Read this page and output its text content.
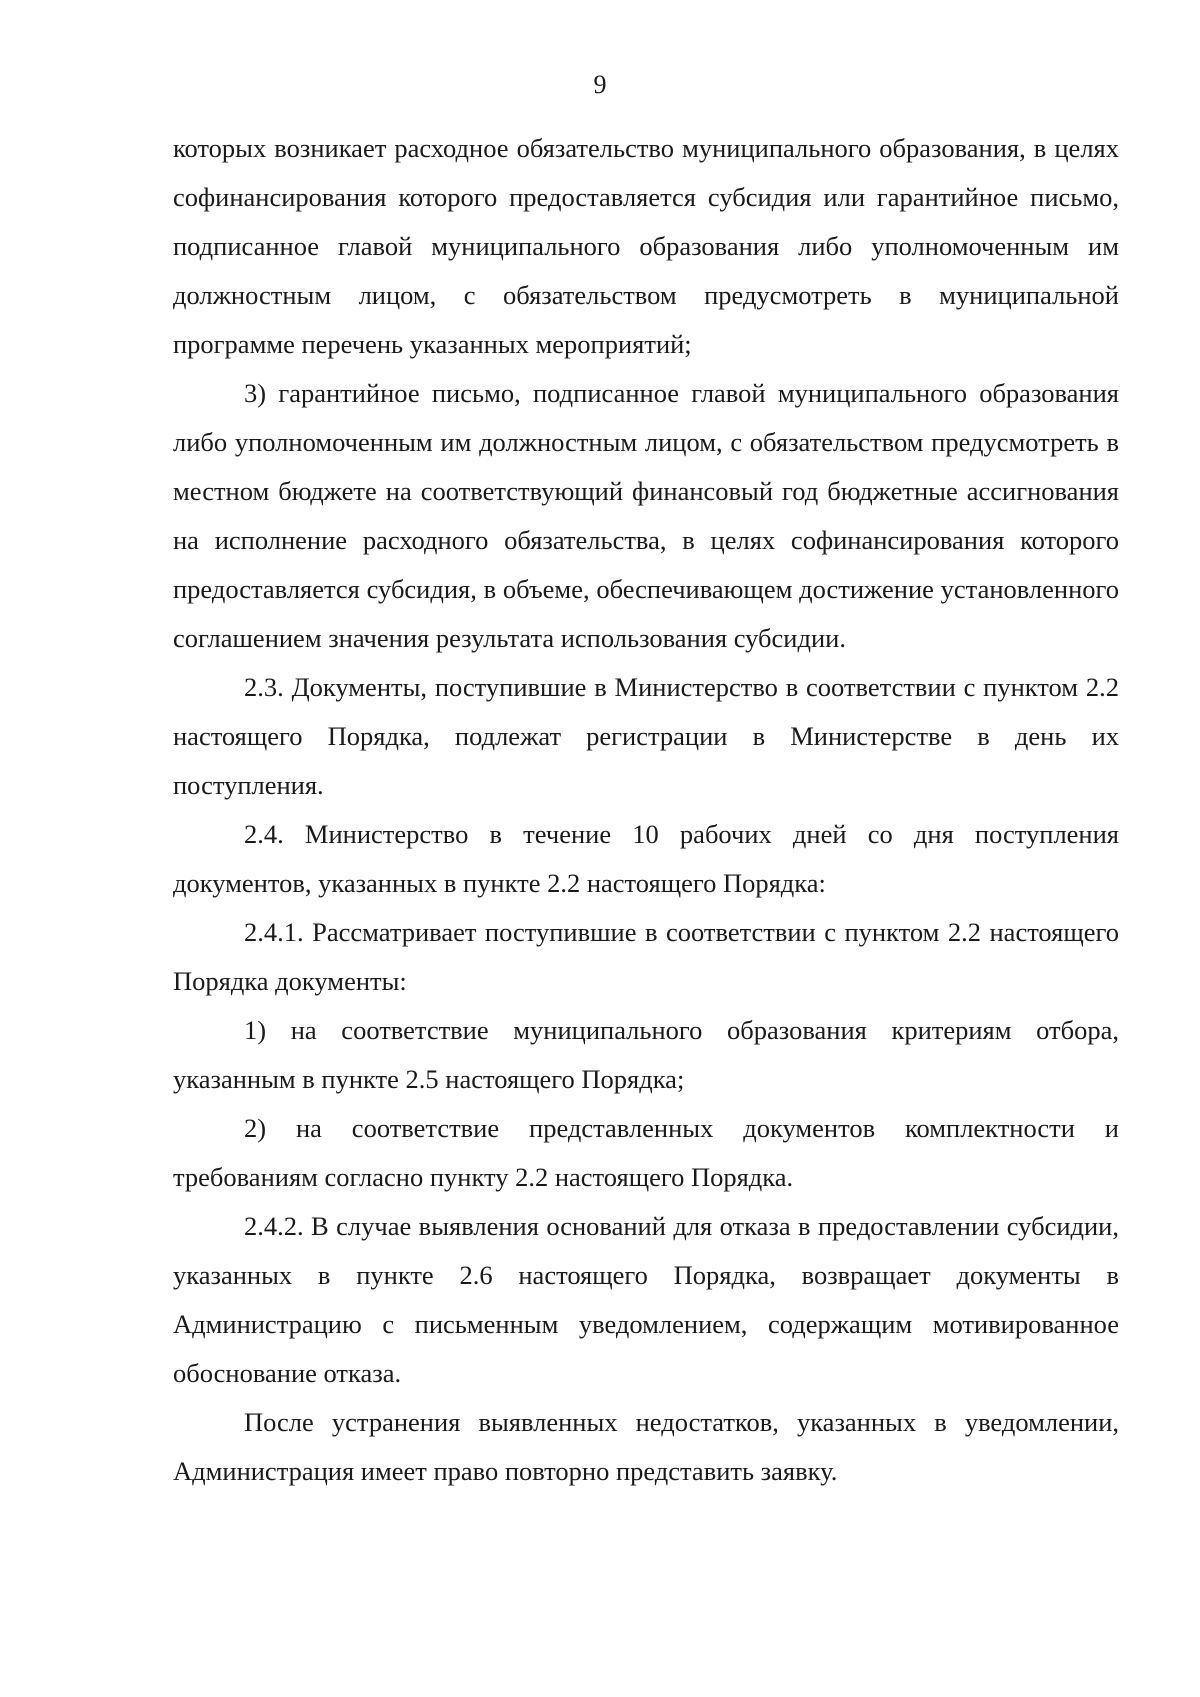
9

которых возникает расходное обязательство муниципального образования, в целях софинансирования которого предоставляется субсидия или гарантийное письмо, подписанное главой муниципального образования либо уполномоченным им должностным лицом, с обязательством предусмотреть в муниципальной программе перечень указанных мероприятий;

3) гарантийное письмо, подписанное главой муниципального образования либо уполномоченным им должностным лицом, с обязательством предусмотреть в местном бюджете на соответствующий финансовый год бюджетные ассигнования на исполнение расходного обязательства, в целях софинансирования которого предоставляется субсидия, в объеме, обеспечивающем достижение установленного соглашением значения результата использования субсидии.

2.3. Документы, поступившие в Министерство в соответствии с пунктом 2.2 настоящего Порядка, подлежат регистрации в Министерстве в день их поступления.

2.4. Министерство в течение 10 рабочих дней со дня поступления документов, указанных в пункте 2.2 настоящего Порядка:

2.4.1. Рассматривает поступившие в соответствии с пунктом 2.2 настоящего Порядка документы:

1) на соответствие муниципального образования критериям отбора, указанным в пункте 2.5 настоящего Порядка;

2) на соответствие представленных документов комплектности и требованиям согласно пункту 2.2 настоящего Порядка.

2.4.2. В случае выявления оснований для отказа в предоставлении субсидии, указанных в пункте 2.6 настоящего Порядка, возвращает документы в Администрацию с письменным уведомлением, содержащим мотивированное обоснование отказа.

После устранения выявленных недостатков, указанных в уведомлении, Администрация имеет право повторно представить заявку.
